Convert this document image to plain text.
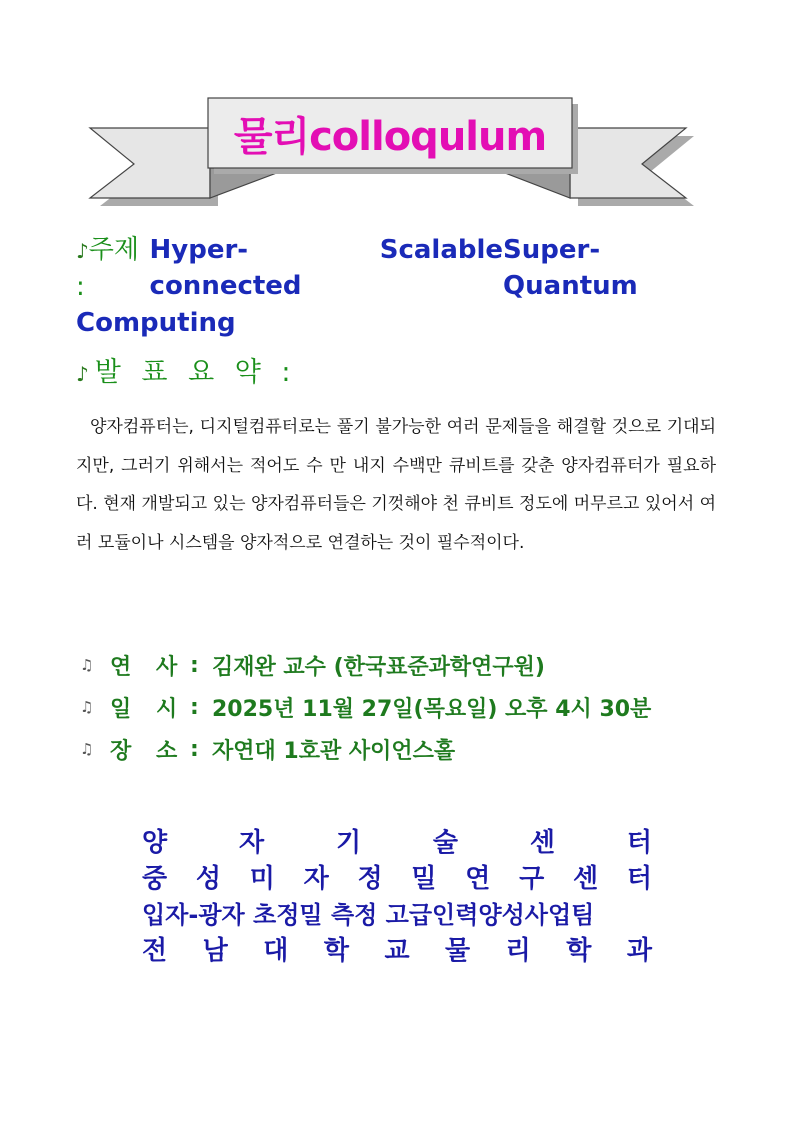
물리colloqulum
♪주제 :
Hyper-connected
Scalable Super-Quantum
Computing
♪발 표 요 약 :
양자컴퓨터는, 디지털컴퓨터로는 풀기 불가능한 여러 문제들을 해결할 것으로 기대되지만, 그러기 위해서는 적어도 수 만 내지 수백만 큐비트를 갖춘 양자컴퓨터가 필요하다. 현재 개발되고 있는 양자컴퓨터들은 기껏해야 천 큐비트 정도에 머무르고 있어서 여러 모듈이나 시스템을 양자적으로 연결하는 것이 필수적이다.
♫ 연	사 : 김재완 교수 (한국표준과학연구원)
♫ 일	시 : 2025년 11월 27일(목요일) 오후 4시 30분
♫ 장	소 : 자연대 1호관 사이언스홀
양	자	기	술	센	터
중 성 미 자 정 밀 연 구 센 터
입자-광자 초정밀 측정 고급인력양성사업팀
전 남 대 학 교 물 리 학 과
